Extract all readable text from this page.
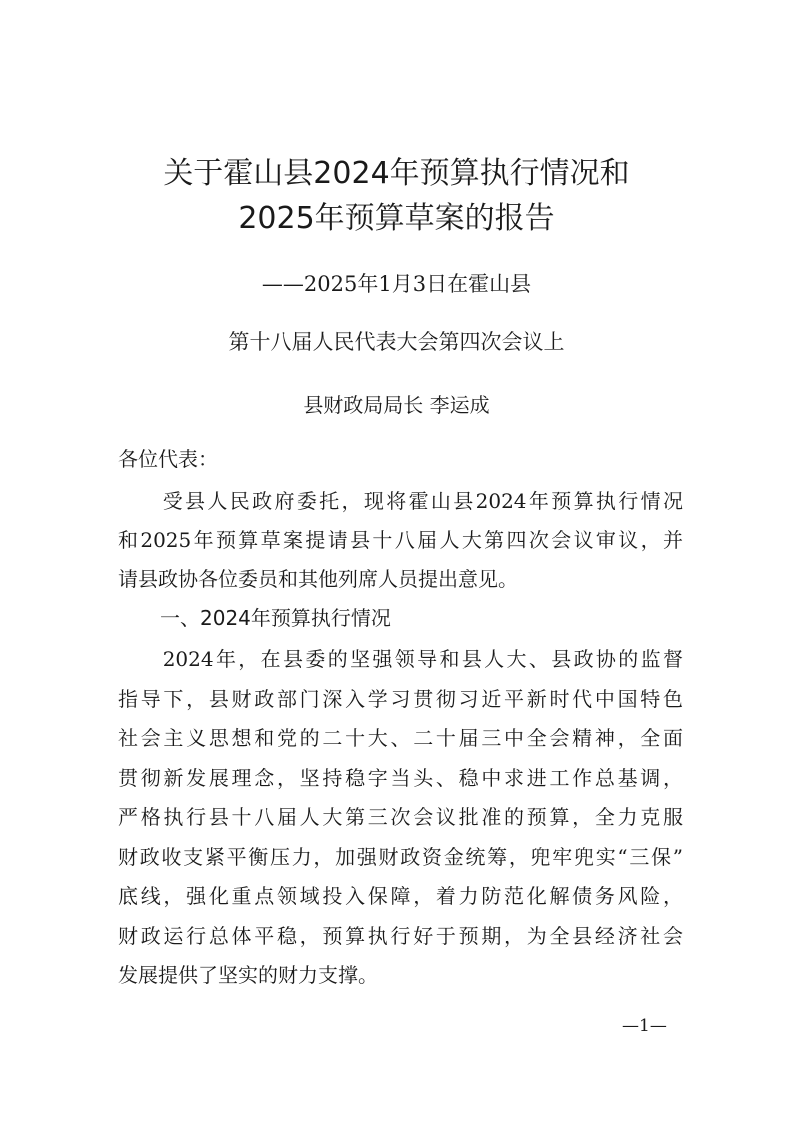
关于霍山县2024年预算执行情况和
2025年预算草案的报告
——2025年1月3日在霍山县
第十八届人民代表大会第四次会议上
县财政局局长 李运成
各位代表：
　　受县人民政府委托，现将霍山县2024年预算执行情况
和2025年预算草案提请县十八届人大第四次会议审议，并
请县政协各位委员和其他列席人员提出意见。
一、2024年预算执行情况
　　2024年，在县委的坚强领导和县人大、县政协的监督
指导下，县财政部门深入学习贯彻习近平新时代中国特色
社会主义思想和党的二十大、二十届三中全会精神，全面
贯彻新发展理念，坚持稳字当头、稳中求进工作总基调，
严格执行县十八届人大第三次会议批准的预算，全力克服
财政收支紧平衡压力，加强财政资金统筹，兜牢兜实“三保”
底线，强化重点领域投入保障，着力防范化解债务风险，
财政运行总体平稳，预算执行好于预期，为全县经济社会
发展提供了坚实的财力支撑。
—1—
